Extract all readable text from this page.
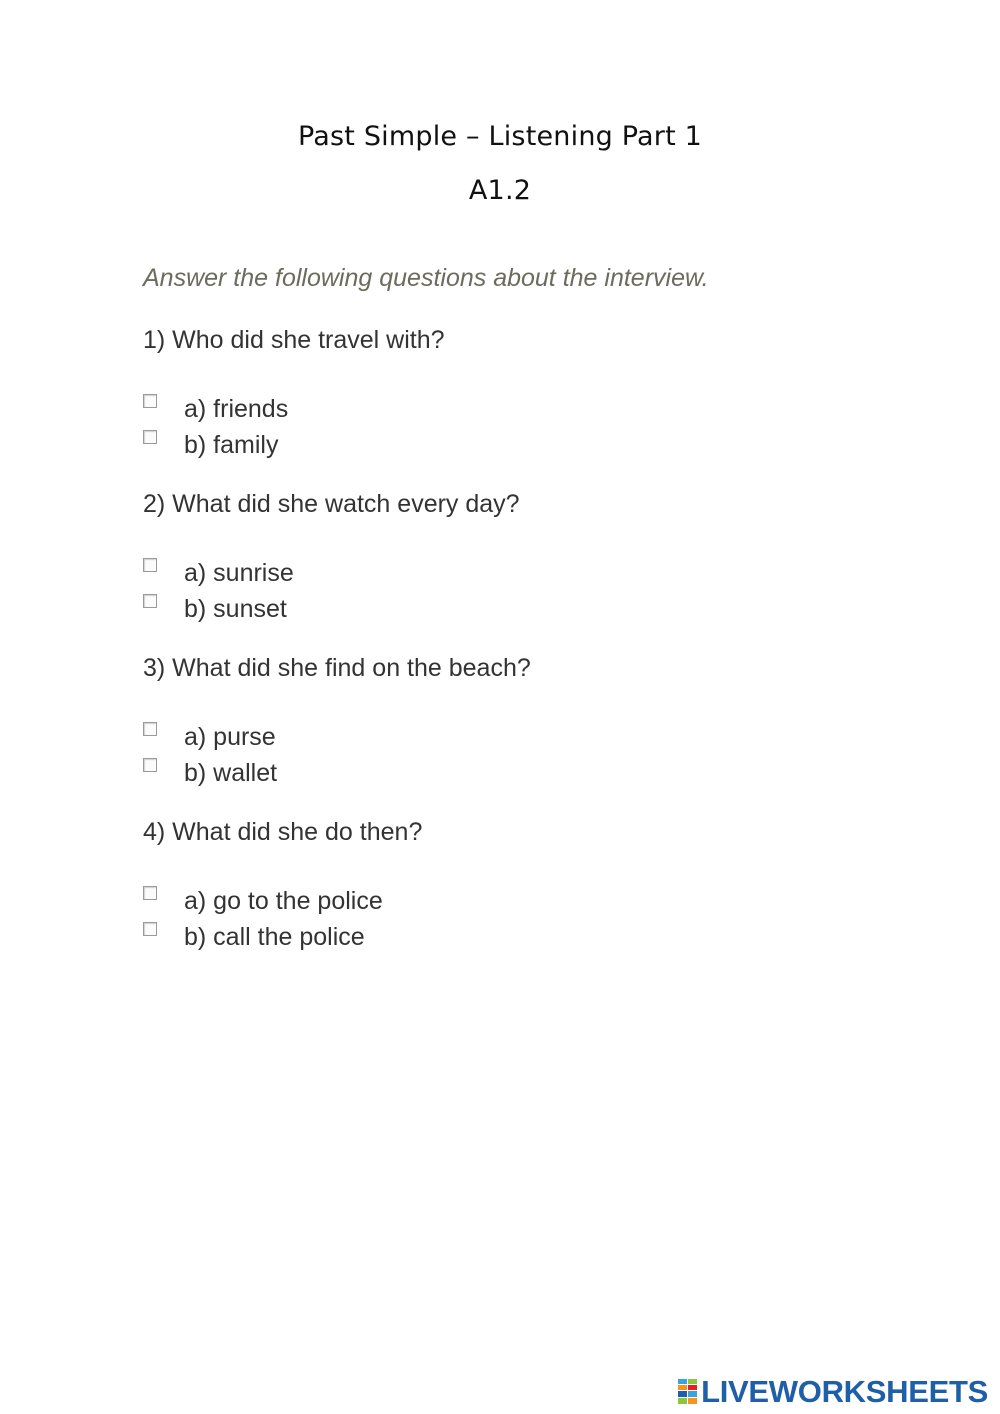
Past Simple – Listening Part 1
A1.2
Answer the following questions about the interview.
1) Who did she travel with?
a) friends
b) family
2) What did she watch every day?
a) sunrise
b) sunset
3) What did she find on the beach?
a) purse
b) wallet
4) What did she do then?
a) go to the police
b) call the police
LIVEWORKSHEETS
